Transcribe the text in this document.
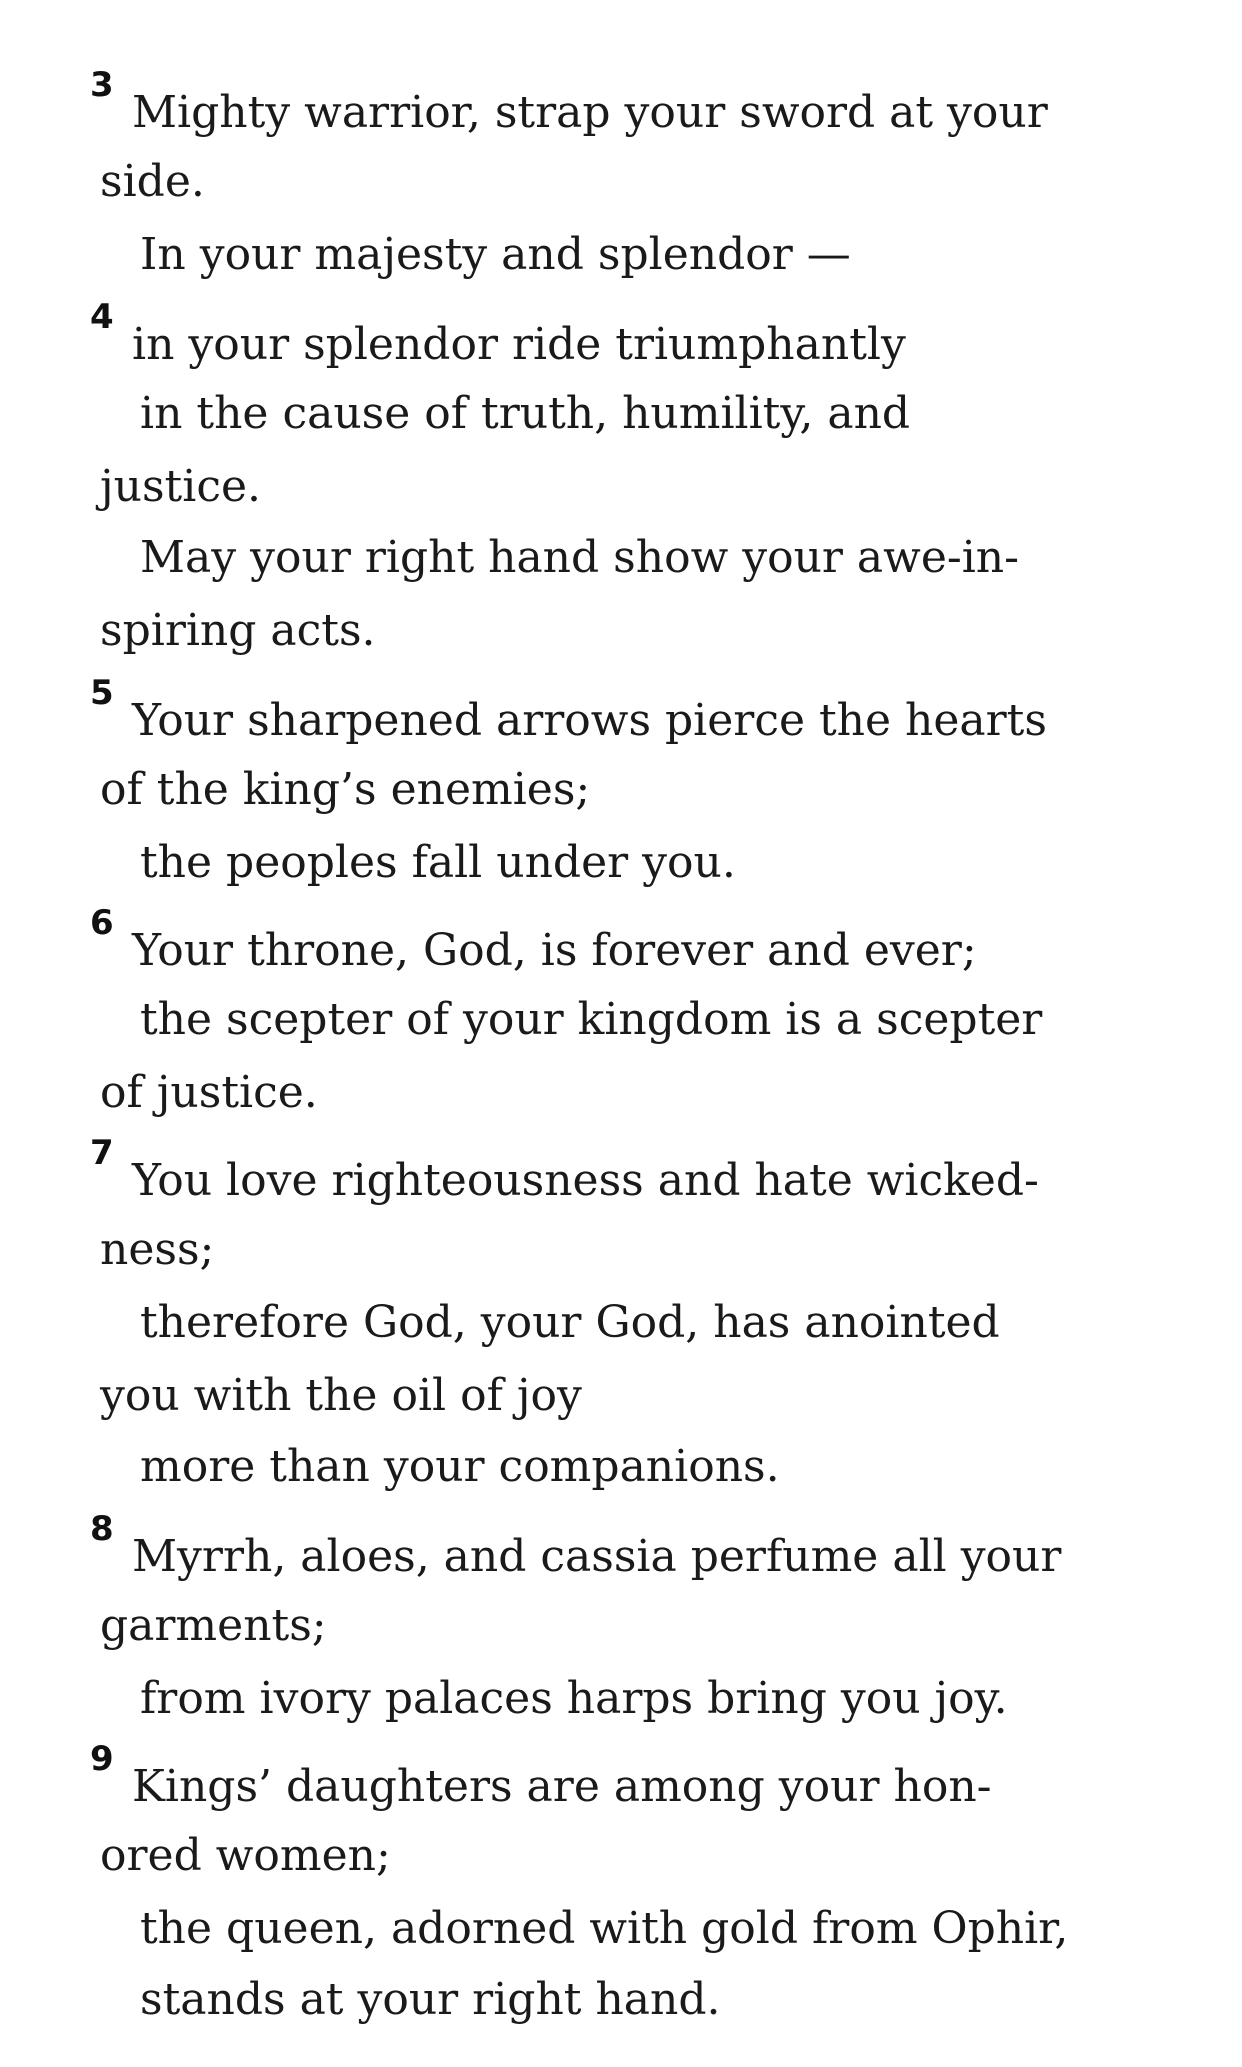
3
Mighty warrior, strap your sword at your
side.
In your majesty and splendor —
4
in your splendor ride triumphantly
in the cause of truth, humility, and
justice.
May your right hand show your awe-in-
spiring acts.
5
Your sharpened arrows pierce the hearts
of the king’s enemies;
the peoples fall under you.
6
Your throne, God, is forever and ever;
the scepter of your kingdom is a scepter
of justice.
7
You love righteousness and hate wicked-
ness;
therefore God, your God, has anointed
you with the oil of joy
more than your companions.
8
Myrrh, aloes, and cassia perfume all your
garments;
from ivory palaces harps bring you joy.
9
Kings’ daughters are among your hon-
ored women;
the queen, adorned with gold from Ophir,
stands at your right hand.
